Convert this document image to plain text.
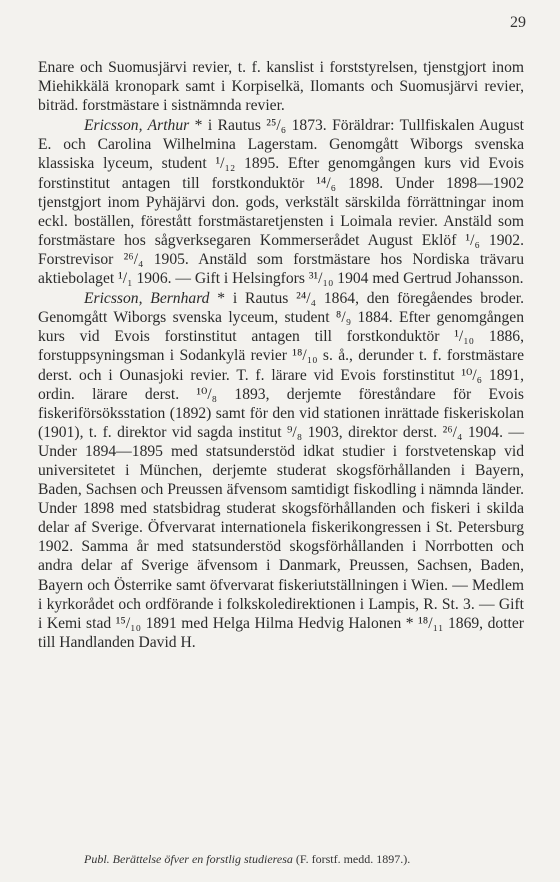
29

Enare och Suomusjärvi revier, t. f. kanslist i forststyrelsen, tjenstgjort inom Miehikkälä kronopark samt i Korpiselkä, Ilomants och Suomusjärvi revier, biträd. forstmästare i sistnämnda revier.

Ericsson, Arthur * i Rautus ²⁵/₆ 1873. Föräldrar: Tullfiskalen August E. och Carolina Wilhelmina Lagerstam. Genomgått Wiborgs svenska klassiska lyceum, student ¹/₁₂ 1895. Efter genomgången kurs vid Evois forstinstitut antagen till forstkonduktör ¹⁴/₆ 1898. Under 1898—1902 tjenstgjort inom Pyhäjärvi don. gods, verkstält särskilda förrättningar inom eckl. boställen, förestått forstmästaretjensten i Loimala revier. Anstäld som forstmästare hos sågverksegaren Kommerserådet August Eklöf ¹/₆ 1902. Forstrevisor ²⁶/₄ 1905. Anstäld som forstmästare hos Nordiska trävaru aktiebolaget ¹/₁ 1906. — Gift i Helsingfors ³¹/₁₀ 1904 med Gertrud Johansson.

Ericsson, Bernhard * i Rautus ²⁴/₄ 1864, den föregåendes broder. Genomgått Wiborgs svenska lyceum, student ⁸/₉ 1884. Efter genomgången kurs vid Evois forstinstitut antagen till forstkonduktör ¹/₁₀ 1886, forstuppsyningsman i Sodankylä revier ¹⁸/₁₀ s. å., derunder t. f. forstmästare derst. och i Ounasjoki revier. T. f. lärare vid Evois forstinstitut ¹⁰/₆ 1891, ordin. lärare derst. ¹⁰/₈ 1893, derjemte föreståndare för Evois fiskeriförsöksstation (1892) samt för den vid stationen inrättade fiskeriskolan (1901), t. f. direktor vid sagda institut ⁹/₈ 1903, direktor derst. ²⁶/₄ 1904. — Under 1894—1895 med statsunderstöd idkat studier i forstvetenskap vid universitetet i München, derjemte studerat skogsförhållanden i Bayern, Baden, Sachsen och Preussen äfvensom samtidigt fiskodling i nämnda länder. Under 1898 med statsbidrag studerat skogsförhållanden och fiskeri i skilda delar af Sverige. Öfvervarat internationela fiskerikongressen i St. Petersburg 1902. Samma år med statsunderstöd skogsförhållanden i Norrbotten och andra delar af Sverige äfvensom i Danmark, Preussen, Sachsen, Baden, Bayern och Österrike samt öfvervarat fiskeriutställningen i Wien. — Medlem i kyrkorådet och ordförande i folkskoledirektionen i Lampis, R. St. 3. — Gift i Kemi stad ¹⁵/₁₀ 1891 med Helga Hilma Hedvig Halonen * ¹⁸/₁₁ 1869, dotter till Handlanden David H.

Publ. Berättelse öfver en forstlig studieresa (F. forstf. medd. 1897.).
